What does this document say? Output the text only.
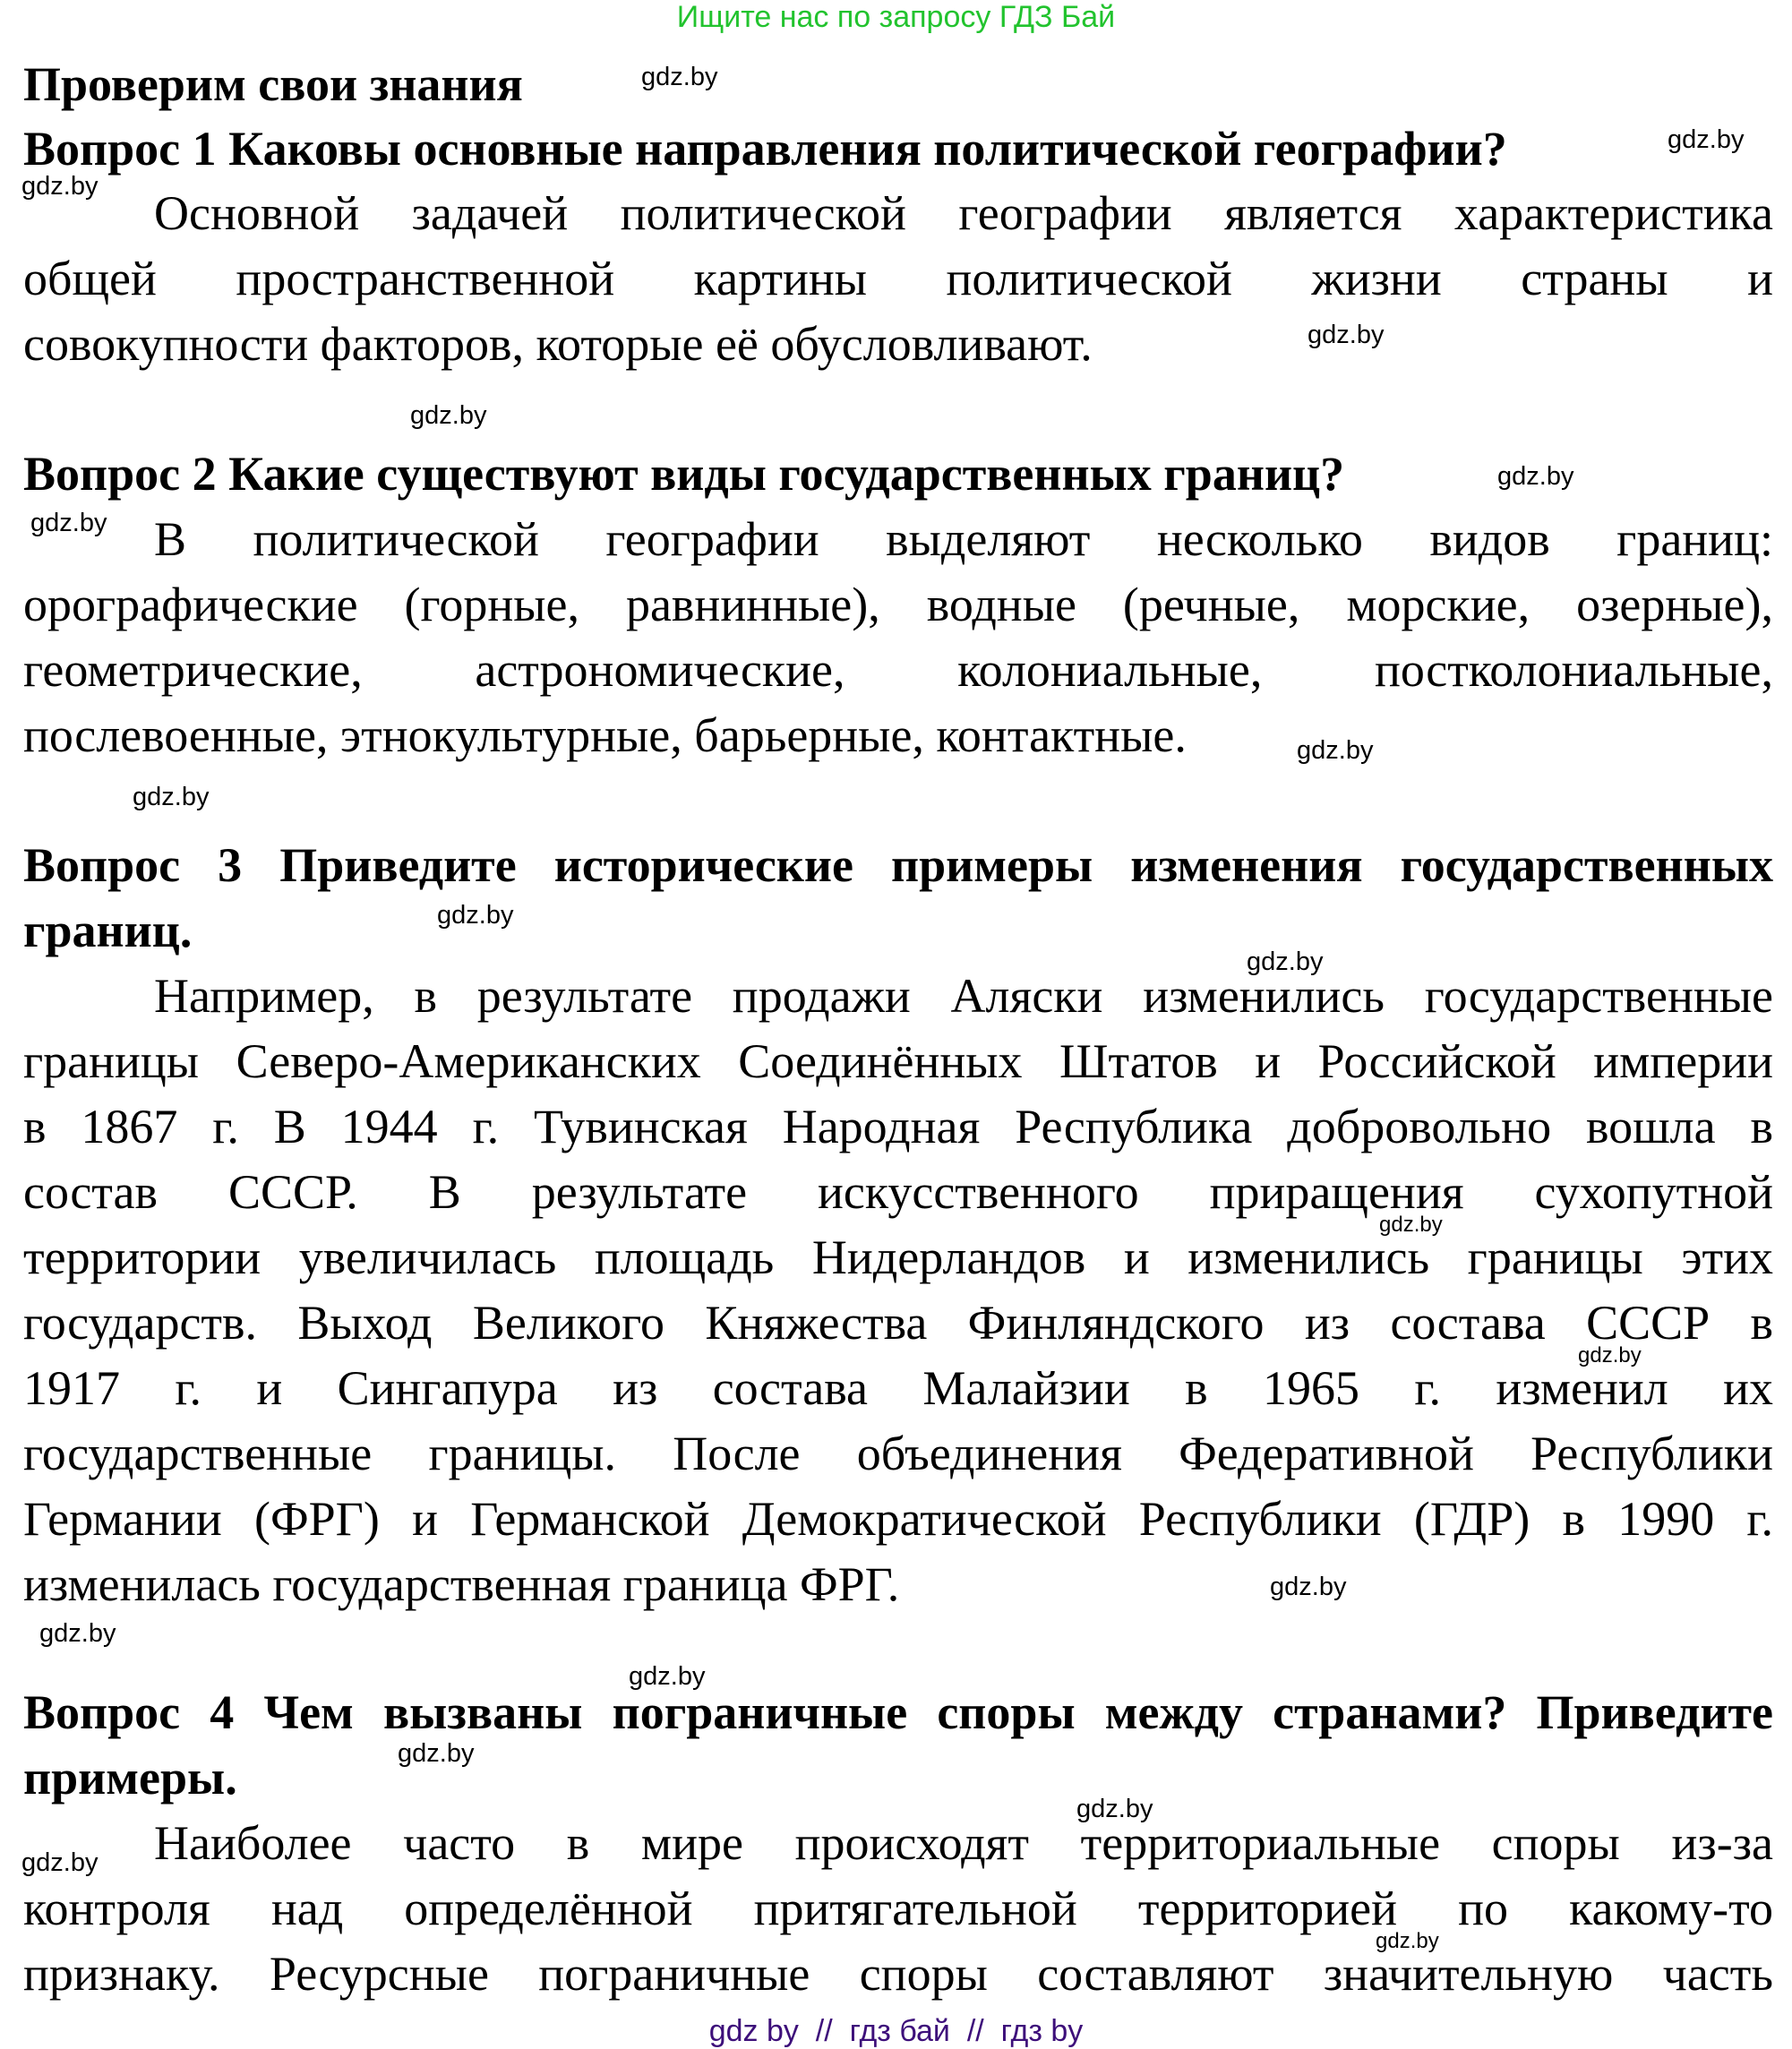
Ищите нас по запросу ГДЗ Бай
Проверим свои знания	gdz.by
Вопрос 1 Каковы основные направления политической географии?	gdz.by
gdz.by Основной задачей политической географии является характеристика
общей пространственной картины политической жизни страны и
совокупности факторов, которые её обусловливают.	gdz.by
gdz.by
Вопрос 2 Какие существуют виды государственных границ?	gdz.by
gdz.by В политической географии выделяют несколько видов границ:
орографические (горные, равнинные), водные (речные, морские, озерные),
геометрические, астрономические, колониальные, постколониальные,
послевоенные, этнокультурные, барьерные, контактные.	gdz.by
gdz.by
Вопрос 3 Приведите исторические примеры изменения государственных
границ.	gdz.by
gdz.by
Например, в результате продажи Аляски изменились государственные
границы Северо-Американских Соединённых Штатов и Российской империи
в 1867 г. В 1944 г. Тувинская Народная Республика добровольно вошла в
состав СССР. В результате искусственного приращения сухопутной
gdz.by
территории увеличилась площадь Нидерландов и изменились границы этих
государств. Выход Великого Княжества Финляндского из состава СССР в
gdz.by
1917 г. и Сингапура из состава Малайзии в 1965 г. изменил их
государственные границы. После объединения Федеративной Республики
Германии (ФРГ) и Германской Демократической Республики (ГДР) в 1990 г.
изменилась государственная граница ФРГ.	gdz.by
gdz.by
gdz.by
Вопрос 4 Чем вызваны пограничные споры между странами? Приведите
gdz.by
примеры.
gdz.by
gdz.by Наиболее часто в мире происходят территориальные споры из-за
контроля над определённой притягательной территорией по какому-то
gdz.by
признаку. Ресурсные пограничные споры составляют значительную часть
gdz by  //  гдз бай  //  гдз by
